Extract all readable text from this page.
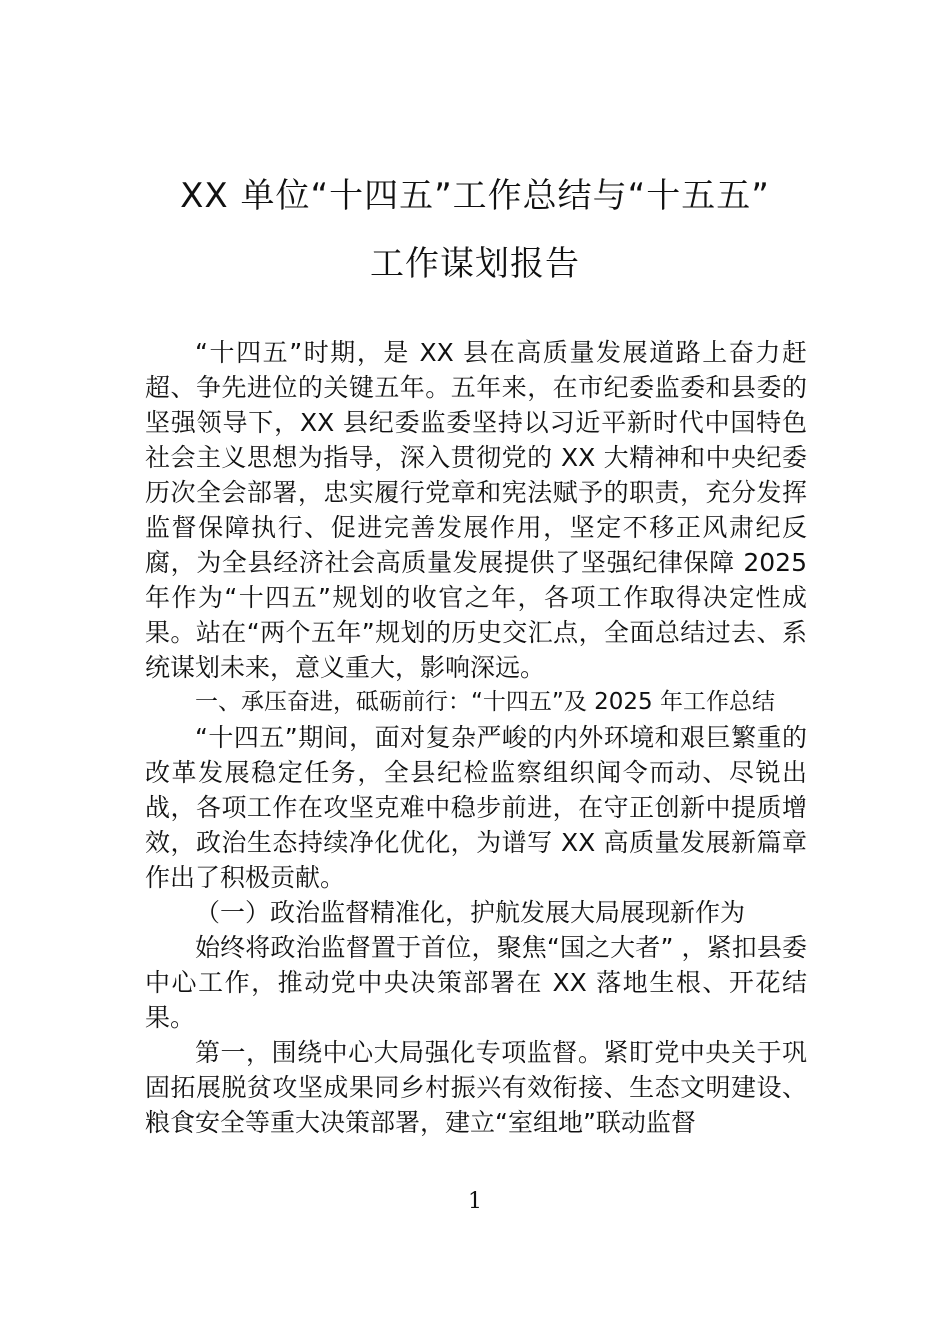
XX 单位“十四五”工作总结与“十五五”
工作谋划报告

“十四五”时期，是 XX 县在高质量发展道路上奋力赶超、争先进位的关键五年。五年来，在市纪委监委和县委的坚强领导下，XX 县纪委监委坚持以习近平新时代中国特色社会主义思想为指导，深入贯彻党的 XX 大精神和中央纪委历次全会部署，忠实履行党章和宪法赋予的职责，充分发挥监督保障执行、促进完善发展作用，坚定不移正风肃纪反腐，为全县经济社会高质量发展提供了坚强纪律保障 2025 年作为“十四五”规划的收官之年，各项工作取得决定性成果。站在“两个五年”规划的历史交汇点，全面总结过去、系统谋划未来，意义重大，影响深远。

一、承压奋进，砥砺前行：“十四五”及 2025 年工作总结

“十四五”期间，面对复杂严峻的内外环境和艰巨繁重的改革发展稳定任务，全县纪检监察组织闻令而动、尽锐出战，各项工作在攻坚克难中稳步前进，在守正创新中提质增效，政治生态持续净化优化，为谱写 XX 高质量发展新篇章作出了积极贡献。

（一）政治监督精准化，护航发展大局展现新作为

始终将政治监督置于首位，聚焦“国之大者” ，紧扣县委中心工作，推动党中央决策部署在 XX 落地生根、开花结果。

第一，围绕中心大局强化专项监督。紧盯党中央关于巩固拓展脱贫攻坚成果同乡村振兴有效衔接、生态文明建设、粮食安全等重大决策部署，建立“室组地”联动监督

1
